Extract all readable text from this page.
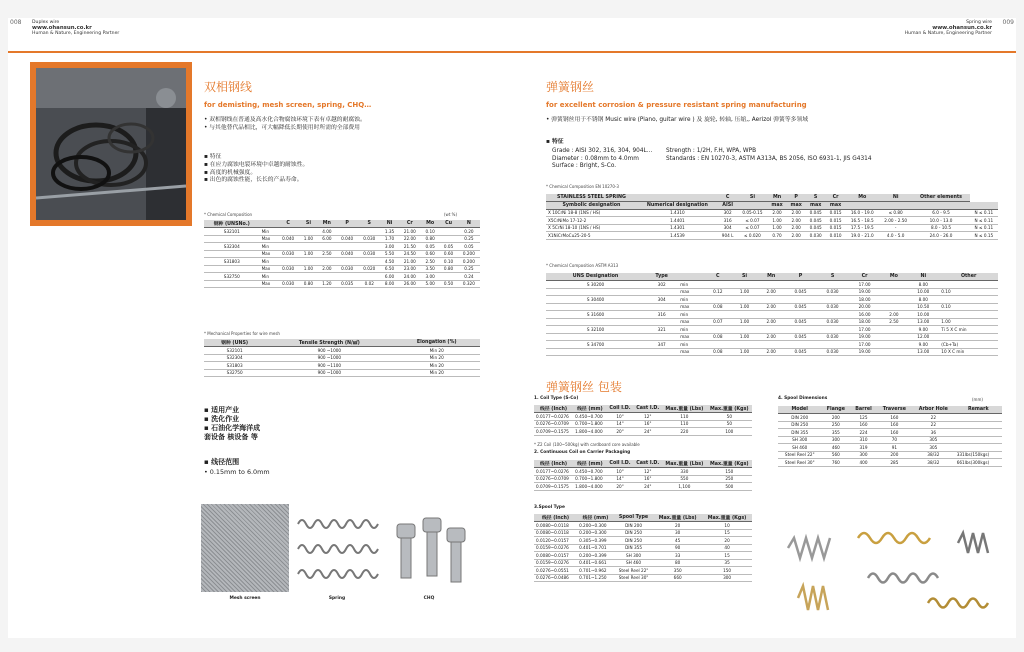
008 Duplex wire
www.ohansun.co.kr
Human & Nature, Engineering Partner
双相钢线
for demisting, mesh screen, spring, CHQ…
• 双相钢线在普通及高水化合物腐蚀环境下表有卓越的耐腐蚀。
• 与其他替代品相比，可大幅降低长期使用时所需的全部费用
▪ 特征
▪ 在应力腐蚀电裂环境中卓越的耐蚀性。
▪ 高度的机械强度。
▪ 出色的腐蚀性能，长长的产品寿命。
* Chemical Composition	(wt %)
钢种 (UNSNo.)		C	Si	Mn	P	S	Ni	Cr	Mo	Cu	N
S32101	Min			4.00			1.35	21.00	0.10		0.20
	Max	0.040	1.00	6.00	0.040	0.030	1.70	22.00	0.80		0.25
S32304	Min						3.00	21.50	0.05	0.05	0.05
	Max	0.030	1.00	2.50	0.040	0.030	5.50	24.50	0.60	0.60	0.200
S31803	Min						4.50	21.00	2.50	0.10	0.200
	Max	0.030	1.00	2.00	0.030	0.020	6.50	23.00	3.50	0.80	0.25
S32750	Min						6.00	24.00	3.00		0.24
	Max	0.030	0.80	1.20	0.035	0.02	8.00	26.00	5.00	0.50	0.320
* Mechanical Properties for wire mesh
钢种 (UNS)	Tensile Strength (N/㎟)	Elongation (%)
S32101	900 ~1000	Min 20
S32304	900 ~1000	Min 20
S31803	900 ~1100	Min 20
S32750	900 ~1000	Min 20
▪ 适用产业
▪ 洗化作业
▪ 石油化学海洋成
套设备 核设备 等
▪ 线径范围
• 0.15mm to 6.0mm
Mesh screen	Spring	CHQ
009
Spring wire
www.ohansun.co.kr
Human & Nature, Engineering Partner
弹簧钢丝
for excellent corrosion & pressure resistant spring manufacturing
• 弹簧钢丝用于不锈钢 Music wire (Piano, guitar wire ) 及 旋轮, 转轴, 压缩,, Aerizol 弹簧等多领域
▪ 特征
Grade : AISI 302, 316, 304, 904L…
Diameter : 0.08mm to 4.0mm
Surface : Bright, S-Co.
Strength : 1/2H, F.H, WPA, WPB
Standards : EN 10270-3, ASTM A313A, BS 2056, ISO 6931-1, JIS G4314
* Chemical Composition EN 10270-3
STAINLESS STEEL SPRING		C	Si	Mn	P	S	Cr	Mo	Ni	Other elements	
Symbolic designation	Numerical designation	AISI		max	max	max	max				
X 10CrNi 18-8 (1NS / HS)	1.4310	302	0.05-0.15	2.00	2.00	0.045	0.015	16.0 - 19.0	≤ 0.80	6.0 - 9.5	N ≤ 0.11
X5CrNiMo 17-12-2	1.4401	316	≤ 0.07	1.00	2.00	0.045	0.015	16.5 - 18.5	2.00 - 2.50	10.0 - 13.0	N ≤ 0.11
X 5CrNi 18-10 (1NS / HS)	1.4301	304	≤ 0.07	1.00	2.00	0.045	0.015	17.5 - 19.5	-	8.0 - 10.5	N ≤ 0.11
X1NiCrMoCu25-20-5	1.4539	904 L	≤ 0.020	0.70	2.00	0.030	0.010	19.0 - 21.0	4.0 - 5.0	24.0 - 26.0	N ≤ 0.15
* Chemical Composition ASTM A313
UNS Designation	Type		C	Si	Mn	P	S	Cr	Mo	Ni	Other
S 30200	302	min						17.00		8.00	
		max	0.12	1.00	2.00	0.045	0.030	19.00		10.00	0.10
S 30400	304	min						18.00		8.00	
		max	0.08	1.00	2.00	0.045	0.030	20.00		10.50	0.10
S 31600	316	min						16.00	2.00	10.00	
		max	0.07	1.00	2.00	0.045	0.030	18.00	2.50	13.00	1.00
S 32100	321	min						17.00		9.00	Ti 5 X C min
		max	0.08	1.00	2.00	0.045	0.030	19.00		12.00	
S 34700	347	min						17.00		9.00	(Cb+Ta)
		max	0.08	1.00	2.00	0.045	0.030	19.00		13.00	10 X C min
弹簧钢丝 包装
1. Coil Type (S-Co)
线径 (Inch)	线径 (mm)	Coil I.D.	Cast I.D.	Max.重量 (Lbs)	Max.重量 (Kgs)
0.0177~0.0276	0.450~0.700	10"	12"	110	50
0.0276~0.0709	0.700~1.800	14"	16"	110	50
0.0709~0.1575	1.800~4.000	20"	24"	220	100
* Z2 Coil (100~500kg) with cardboard core available
2. Continuous Coil on Carrier Packaging
线径 (Inch)	线径 (mm)	Coil I.D.	Cast I.D.	Max.重量 (Lbs)	Max.重量 (Kgs)
0.0177~0.0276	0.450~0.700	10"	12"	330	150
0.0276~0.0709	0.700~1.800	14"	16"	550	250
0.0709~0.1575	1.800~4.000	20"	24"	1,100	500
3.Spool Type
线径 (Inch)	线径 (mm)	Spool Type	Max.重量 (Lbs)	Max.重量 (Kgs)
0.0080~0.0118	0.200~0.300	DIN 200	20	10
0.0080~0.0118	0.200~0.300	DIN 250	30	15
0.0120~0.0157	0.305~0.399	DIN 250	45	20
0.0159~0.0276	0.401~0.701	DIN 355	90	40
0.0080~0.0157	0.200~0.399	SH 300	33	15
0.0159~0.0276	0.401~0.661	SH 460	80	35
0.0276~0.0551	0.701~0.962	Steel Reel 22"	350	150
0.0276~0.0486	0.701~1.250	Steel Reel 30"	660	300
4. Spool Dimensions	(mm)
Model	Flange	Barrel	Traverse	Arbor Hole	Remark
DIN 200	200	125	160	22	
DIN 250	250	160	160	22	
DIN 355	355	224	160	36	
SH 300	300	310	70	305	
SH 460	460	319	91	305	
Steel Reel 22"	560	300	200	38/32	331lbs(150kgs)
Steel Reel 30"	760	400	285	38/32	661lbs(300kgs)
